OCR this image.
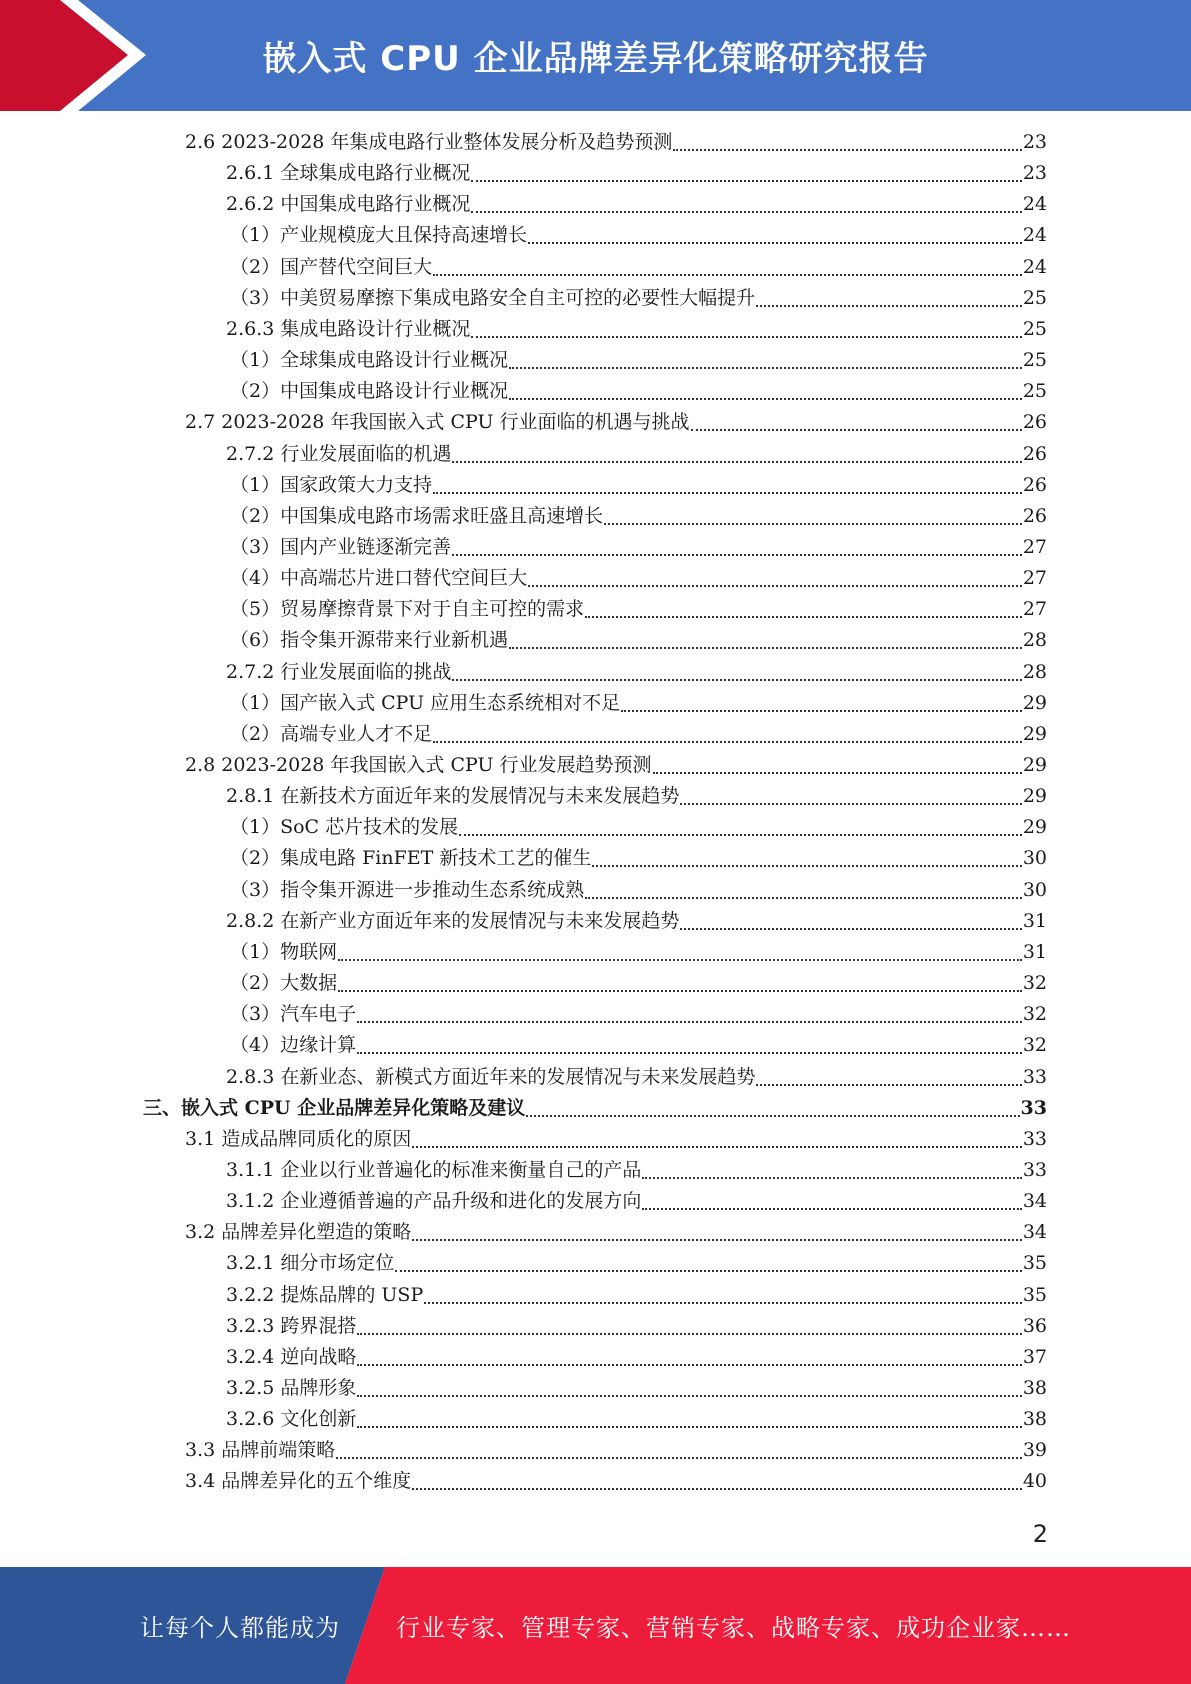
嵌入式 CPU 企业品牌差异化策略研究报告
2.6 2023-2028 年集成电路行业整体发展分析及趋势预测	23
2.6.1 全球集成电路行业概况	23
2.6.2 中国集成电路行业概况	24
（1）产业规模庞大且保持高速增长	24
（2）国产替代空间巨大	24
（3）中美贸易摩擦下集成电路安全自主可控的必要性大幅提升	25
2.6.3 集成电路设计行业概况	25
（1）全球集成电路设计行业概况	25
（2）中国集成电路设计行业概况	25
2.7 2023-2028 年我国嵌入式 CPU 行业面临的机遇与挑战	26
2.7.2 行业发展面临的机遇	26
（1）国家政策大力支持	26
（2）中国集成电路市场需求旺盛且高速增长	26
（3）国内产业链逐渐完善	27
（4）中高端芯片进口替代空间巨大	27
（5）贸易摩擦背景下对于自主可控的需求	27
（6）指令集开源带来行业新机遇	28
2.7.2 行业发展面临的挑战	28
（1）国产嵌入式 CPU 应用生态系统相对不足	29
（2）高端专业人才不足	29
2.8 2023-2028 年我国嵌入式 CPU 行业发展趋势预测	29
2.8.1 在新技术方面近年来的发展情况与未来发展趋势	29
（1）SoC 芯片技术的发展	29
（2）集成电路 FinFET 新技术工艺的催生	30
（3）指令集开源进一步推动生态系统成熟	30
2.8.2 在新产业方面近年来的发展情况与未来发展趋势	31
（1）物联网	31
（2）大数据	32
（3）汽车电子	32
（4）边缘计算	32
2.8.3 在新业态、新模式方面近年来的发展情况与未来发展趋势	33
三、嵌入式 CPU 企业品牌差异化策略及建议	33
3.1 造成品牌同质化的原因	33
3.1.1 企业以行业普遍化的标准来衡量自己的产品	33
3.1.2 企业遵循普遍的产品升级和进化的发展方向	34
3.2 品牌差异化塑造的策略	34
3.2.1 细分市场定位	35
3.2.2 提炼品牌的 USP	35
3.2.3 跨界混搭	36
3.2.4 逆向战略	37
3.2.5 品牌形象	38
3.2.6 文化创新	38
3.3 品牌前端策略	39
3.4 品牌差异化的五个维度	40
2
让每个人都能成为 行业专家、管理专家、营销专家、战略专家、成功企业家……
